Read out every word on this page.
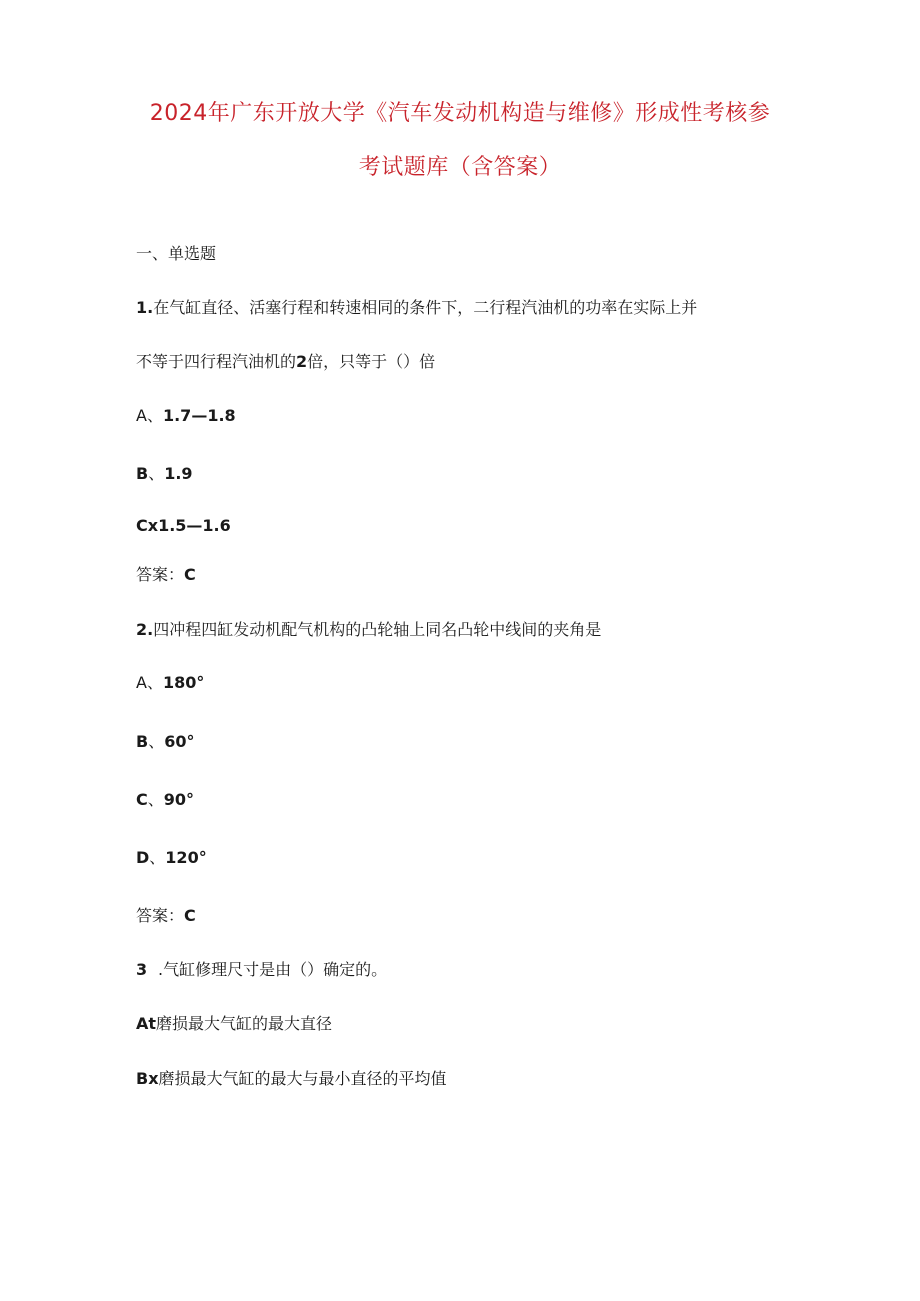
2024年广东开放大学《汽车发动机构造与维修》形成性考核参
考试题库（含答案）
一、单选题
1.在气缸直径、活塞行程和转速相同的条件下，二行程汽油机的功率在实际上并
不等于四行程汽油机的2倍，只等于（）倍
A、1.7—1.8
B、1.9
Cx1.5—1.6
答案：C
2.四冲程四缸发动机配气机构的凸轮轴上同名凸轮中线间的夹角是
A、180°
B、60°
C、90°
D、120°
答案：C
3 .气缸修理尺寸是由（）确定的。
At磨损最大气缸的最大直径
Bx磨损最大气缸的最大与最小直径的平均值
